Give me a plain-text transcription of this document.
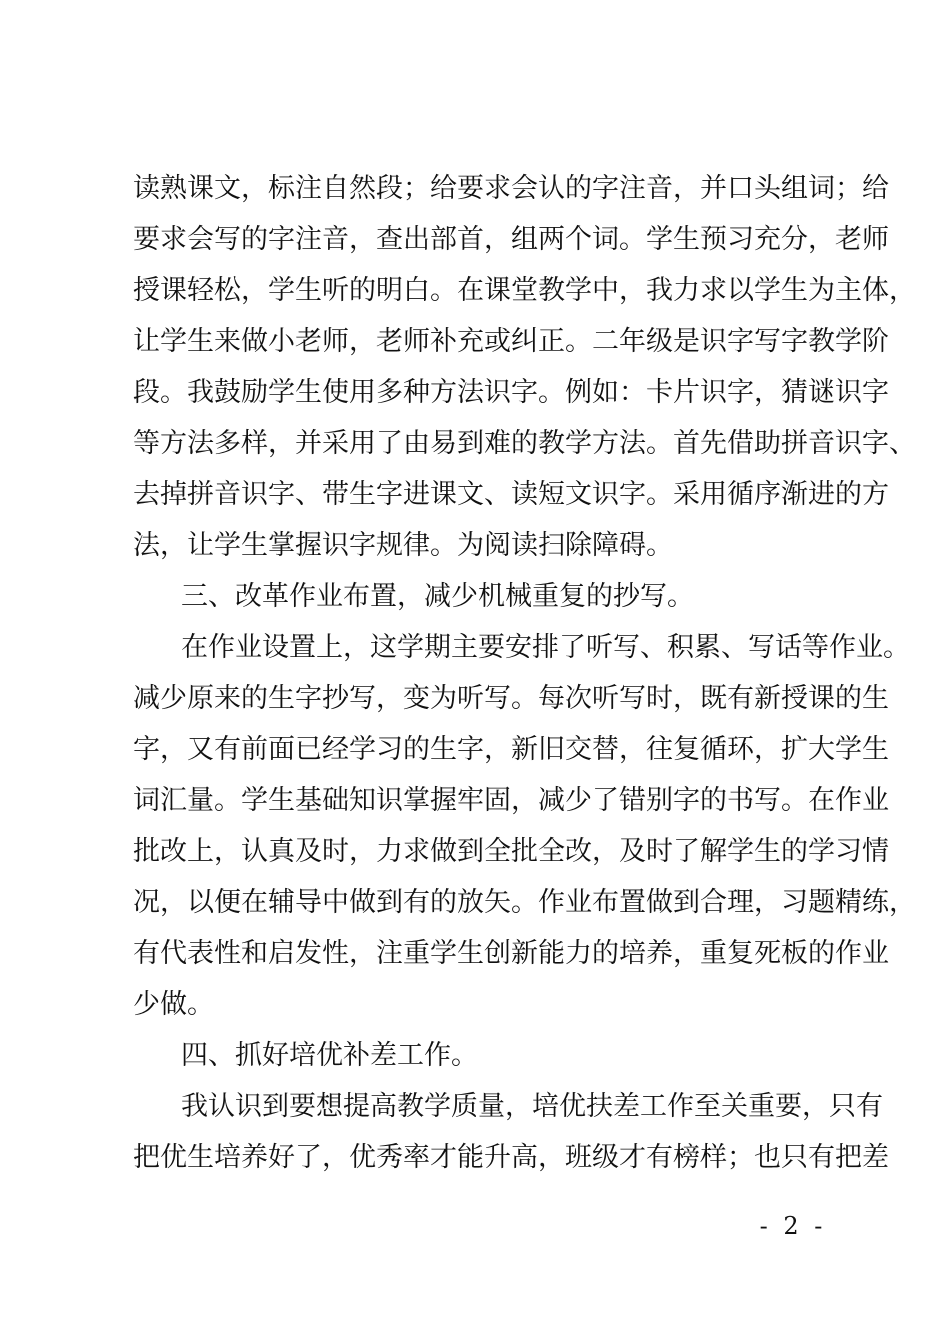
读熟课文，标注自然段；给要求会认的字注音，并口头组词；给
要求会写的字注音，查出部首，组两个词。学生预习充分，老师
授课轻松，学生听的明白。在课堂教学中，我力求以学生为主体，
让学生来做小老师，老师补充或纠正。二年级是识字写字教学阶
段。我鼓励学生使用多种方法识字。例如：卡片识字，猜谜识字
等方法多样，并采用了由易到难的教学方法。首先借助拼音识字、
去掉拼音识字、带生字进课文、读短文识字。采用循序渐进的方
法，让学生掌握识字规律。为阅读扫除障碍。
三、改革作业布置，减少机械重复的抄写。
在作业设置上，这学期主要安排了听写、积累、写话等作业。
减少原来的生字抄写，变为听写。每次听写时，既有新授课的生
字，又有前面已经学习的生字，新旧交替，往复循环，扩大学生
词汇量。学生基础知识掌握牢固，减少了错别字的书写。在作业
批改上，认真及时，力求做到全批全改，及时了解学生的学习情
况，以便在辅导中做到有的放矢。作业布置做到合理，习题精练，
有代表性和启发性，注重学生创新能力的培养，重复死板的作业
少做。
四、抓好培优补差工作。
我认识到要想提高教学质量，培优扶差工作至关重要，只有
把优生培养好了，优秀率才能升高，班级才有榜样；也只有把差
- 2 -
